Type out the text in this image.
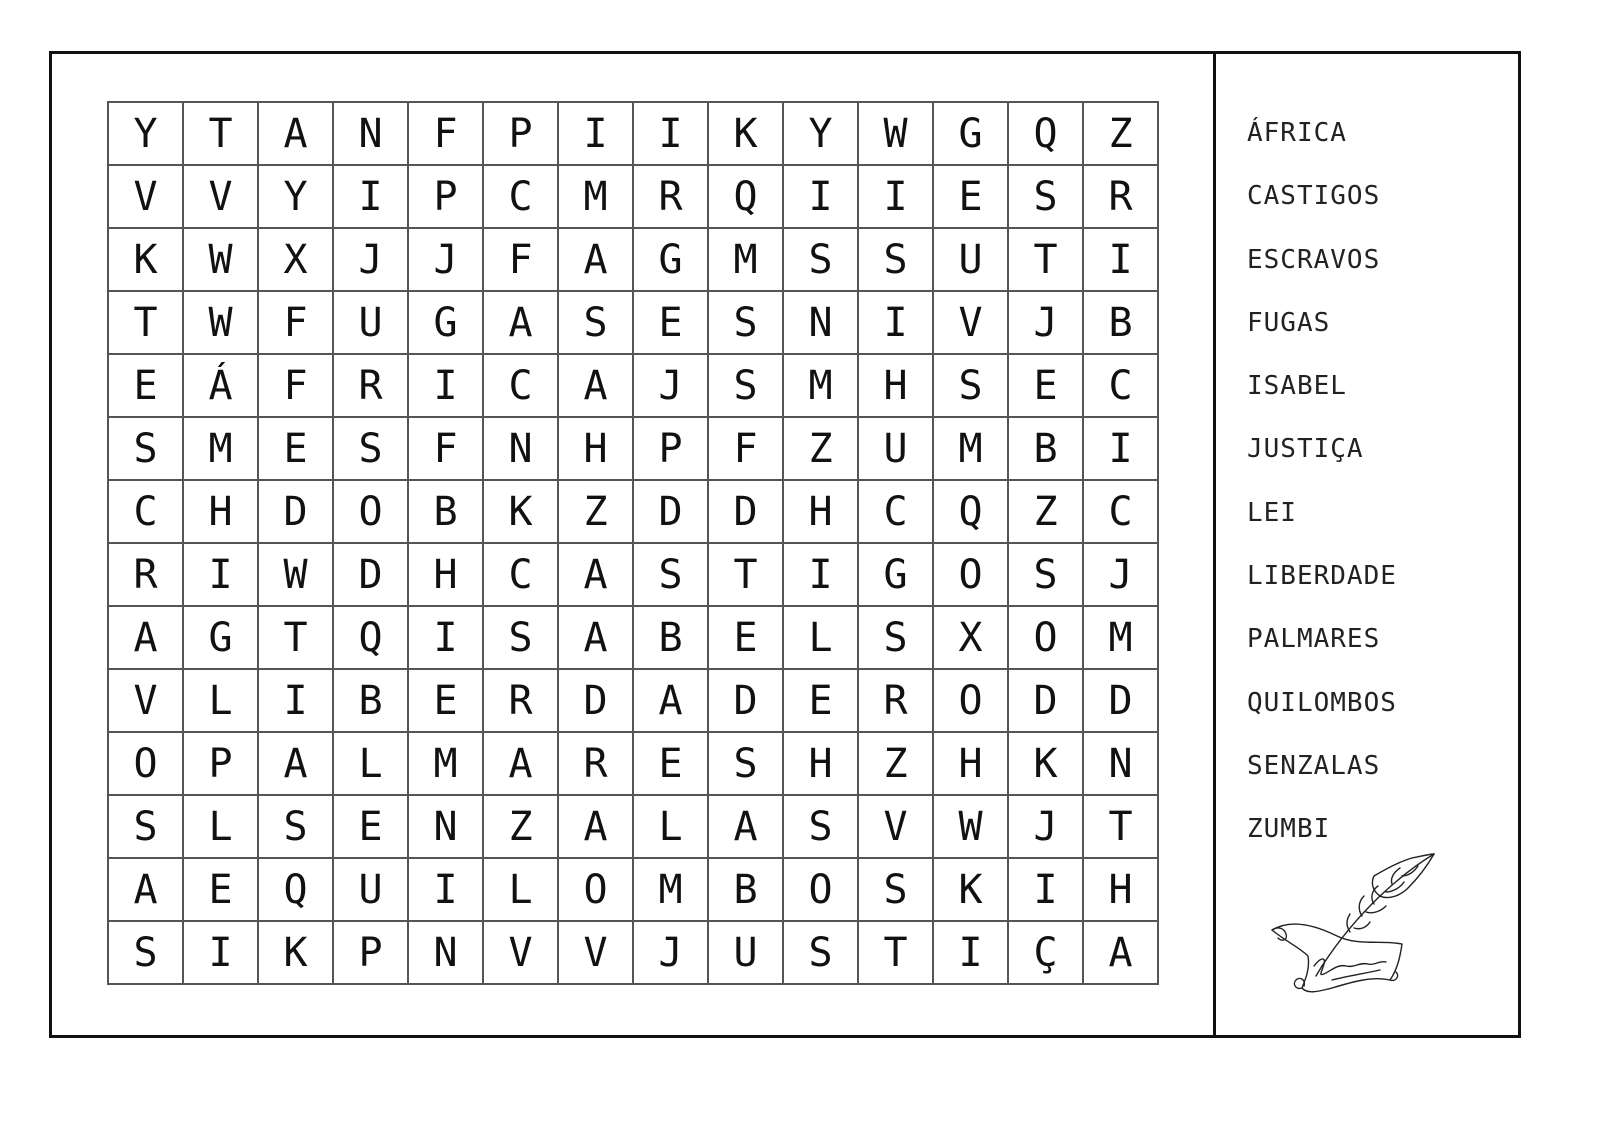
Y	T	A	N	F	P	I	I	K	Y	W	G	Q	Z
V	V	Y	I	P	C	M	R	Q	I	I	E	S	R
K	W	X	J	J	F	A	G	M	S	S	U	T	I
T	W	F	U	G	A	S	E	S	N	I	V	J	B
E	Á	F	R	I	C	A	J	S	M	H	S	E	C
S	M	E	S	F	N	H	P	F	Z	U	M	B	I
C	H	D	O	B	K	Z	D	D	H	C	Q	Z	C
R	I	W	D	H	C	A	S	T	I	G	O	S	J
A	G	T	Q	I	S	A	B	E	L	S	X	O	M
V	L	I	B	E	R	D	A	D	E	R	O	D	D
O	P	A	L	M	A	R	E	S	H	Z	H	K	N
S	L	S	E	N	Z	A	L	A	S	V	W	J	T
A	E	Q	U	I	L	O	M	B	O	S	K	I	H
S	I	K	P	N	V	V	J	U	S	T	I	Ç	A
ÁFRICA
CASTIGOS
ESCRAVOS
FUGAS
ISABEL
JUSTIÇA
LEI
LIBERDADE
PALMARES
QUILOMBOS
SENZALAS
ZUMBI
